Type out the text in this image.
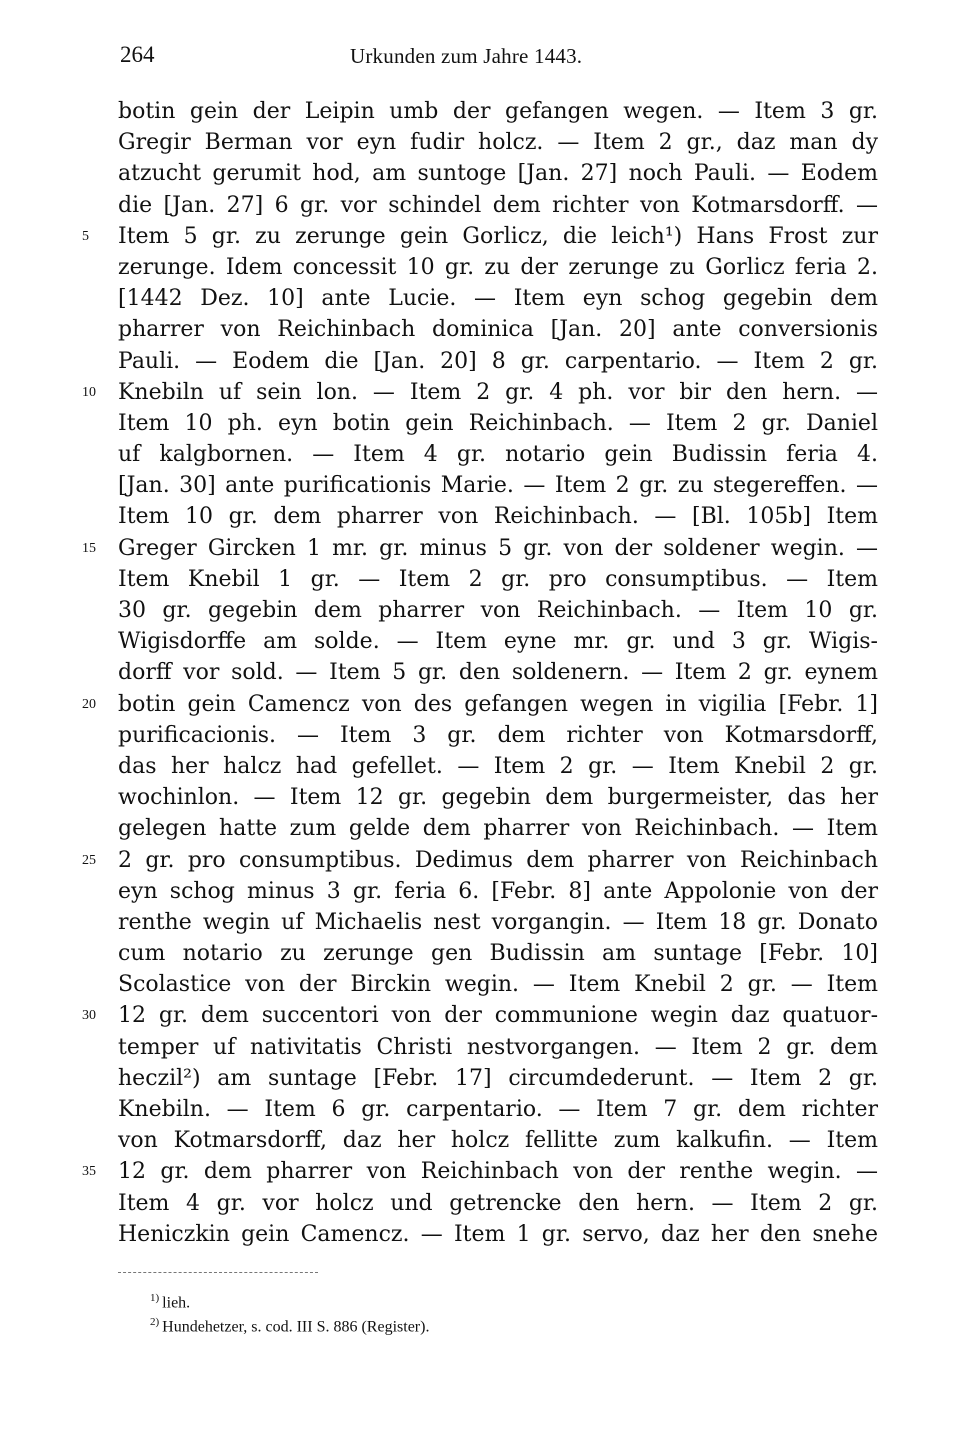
264	Urkunden zum Jahre 1443.
botin gein der Leipin umb der gefangen wegen. — Item 3 gr.
Gregir Berman vor eyn fudir holcz. — Item 2 gr., daz man dy
atzucht gerumit hod, am suntoge [Jan. 27] noch Pauli. — Eodem
die [Jan. 27] 6 gr. vor schindel dem richter von Kotmarsdorff. —
5	Item 5 gr. zu zerunge gein Gorlicz, die leich¹) Hans Frost zur
zerunge. Idem concessit 10 gr. zu der zerunge zu Gorlicz feria 2.
[1442 Dez. 10] ante Lucie. — Item eyn schog gegebin dem
pharrer von Reichinbach dominica [Jan. 20] ante conversionis
Pauli. — Eodem die [Jan. 20] 8 gr. carpentario. — Item 2 gr.
10	Knebiln uf sein lon. — Item 2 gr. 4 ph. vor bir den hern. —
Item 10 ph. eyn botin gein Reichinbach. — Item 2 gr. Daniel
uf kalgbornen. — Item 4 gr. notario gein Budissin feria 4.
[Jan. 30] ante purificationis Marie. — Item 2 gr. zu stegereffen. —
Item 10 gr. dem pharrer von Reichinbach. — [Bl. 105b] Item
15	Greger Gircken 1 mr. gr. minus 5 gr. von der soldener wegin. —
Item Knebil 1 gr. — Item 2 gr. pro consumptibus. — Item
30 gr. gegebin dem pharrer von Reichinbach. — Item 10 gr.
Wigisdorffe am solde. — Item eyne mr. gr. und 3 gr. Wigis-
dorff vor sold. — Item 5 gr. den soldenern. — Item 2 gr. eynem
20	botin gein Camencz von des gefangen wegen in vigilia [Febr. 1]
purificacionis. — Item 3 gr. dem richter von Kotmarsdorff,
das her halcz had gefellet. — Item 2 gr. — Item Knebil 2 gr.
wochinlon. — Item 12 gr. gegebin dem burgermeister, das her
gelegen hatte zum gelde dem pharrer von Reichinbach. — Item
25	2 gr. pro consumptibus. Dedimus dem pharrer von Reichinbach
eyn schog minus 3 gr. feria 6. [Febr. 8] ante Appolonie von der
renthe wegin uf Michaelis nest vorgangin. — Item 18 gr. Donato
cum notario zu zerunge gen Budissin am suntage [Febr. 10]
Scolastice von der Birckin wegin. — Item Knebil 2 gr. — Item
30	12 gr. dem succentori von der communione wegin daz quatuor-
temper uf nativitatis Christi nestvorgangen. — Item 2 gr. dem
heczil²) am suntage [Febr. 17] circumdederunt. — Item 2 gr.
Knebiln. — Item 6 gr. carpentario. — Item 7 gr. dem richter
von Kotmarsdorff, daz her holcz fellitte zum kalkufin. — Item
35	12 gr. dem pharrer von Reichinbach von der renthe wegin. —
Item 4 gr. vor holcz und getrencke den hern. — Item 2 gr.
Heniczkin gein Camencz. — Item 1 gr. servo, daz her den snehe
$^{1)}$ lieh.
$^{2)}$ Hundehetzer, s. cod. III S. 886 (Register).
